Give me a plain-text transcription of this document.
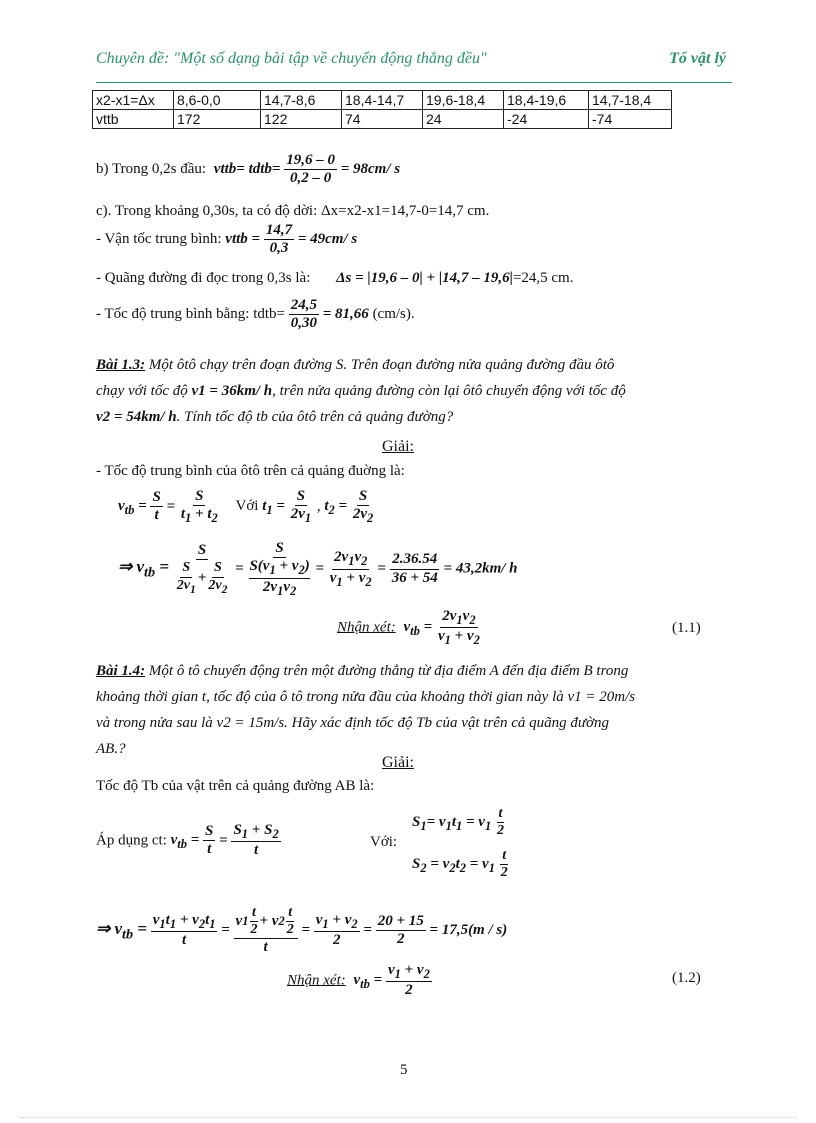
Chuyên đề: "Một số dạng bài tập về chuyển động thẳng đều"	Tổ vật lý
x2-x1=Δx	8,6-0,0	14,7-8,6	18,4-14,7	19,6-18,4	18,4-19,6	14,7-18,4
vttb	172	122	74	24	-24	-74
b) Trong 0,2s đầu: vttb= tdtb= $\frac{19,6 - 0}{0,2 - 0} = 98cm/$ s
c). Trong khoảng 0,30s, ta có độ dời: Δx=x2-x1=14,7-0=14,7 cm.
- Vận tốc trung bình: vttb = $\frac{14,7}{0,3} = 49cm/$ s
- Quãng đường đi đọc trong 0,3s là: Δs = |19,6 – 0| + |14,7 – 19,6|=24,5 cm.
- Tốc độ trung bình bằng: tdtb= $\frac{24,5}{0,30} = 81,66$ (cm/s).
Bài 1.3: Một ôtô chạy trên đoạn đường S. Trên đoạn đường nửa quảng đường đầu ôtô
chạy với tốc độ v1 = 36km/ h, trên nửa quảng đường còn lại ôtô chuyển động với tốc độ
v2 = 54km/ h. Tính tốc độ tb của ôtô trên cả quảng đường?
Giải:
- Tốc độ trung bình của ôtô trên cả quảng đuờng là:
$v_{tb} = \frac{S}{t} = \frac{S}{t_1 + t_2}$ Với $t_1 = \frac{S}{2v_1}$ , $t_2 = \frac{S}{2v_2}$
⇒ $v_{tb} = \frac{S}{\frac{S}{2v_1} + \frac{S}{2v_2}} = S$
$S(v_1 + v_2)$
$2v_1v_2 = \frac{2v_1v_2}{v_1 + v_2} = \frac{2.36.54}{36 + 54} = 43,2km/$ h
Nhận xét: $v_{tb} = \frac{2v_1v_2}{v_1 + v_2}$	(1.1)
Bài 1.4: Một ô tô chuyển động trên một đường thẳng từ địa điểm A đến địa điểm B trong
khoảng thời gian t, tốc độ của ô tô trong nửa đầu của khoảng thời gian này là v1 = 20m/s
và trong nửa sau là v2 = 15m/s. Hãy xác định tốc độ Tb của vật trên cả quãng đường
AB.?
Giải:
Tốc độ Tb của vật trên cả quảng đường AB là:
Áp dụng ct: $v_{tb} = \frac{S}{t} = \frac{S_1 + S_2}{t}$	Với:
$S_1= v_1t_1 = v_1 \frac{t}{2}$
$S_2 = v_2t_2 = v_1 \frac{t}{2}$
⇒ $v_{tb} = \frac{v_1t_1 + v_2t_1}{t} = \frac{v 1 \frac{t}{2} + v 2 \frac{t}{2}}{t} = \frac{v_1 + v_2}{2} = \frac{20 + 15}{2} = 17,5(m / s)$
Nhận xét: $v_{tb} = \frac{v_1 + v_2}{2}$	(1.2)
5
